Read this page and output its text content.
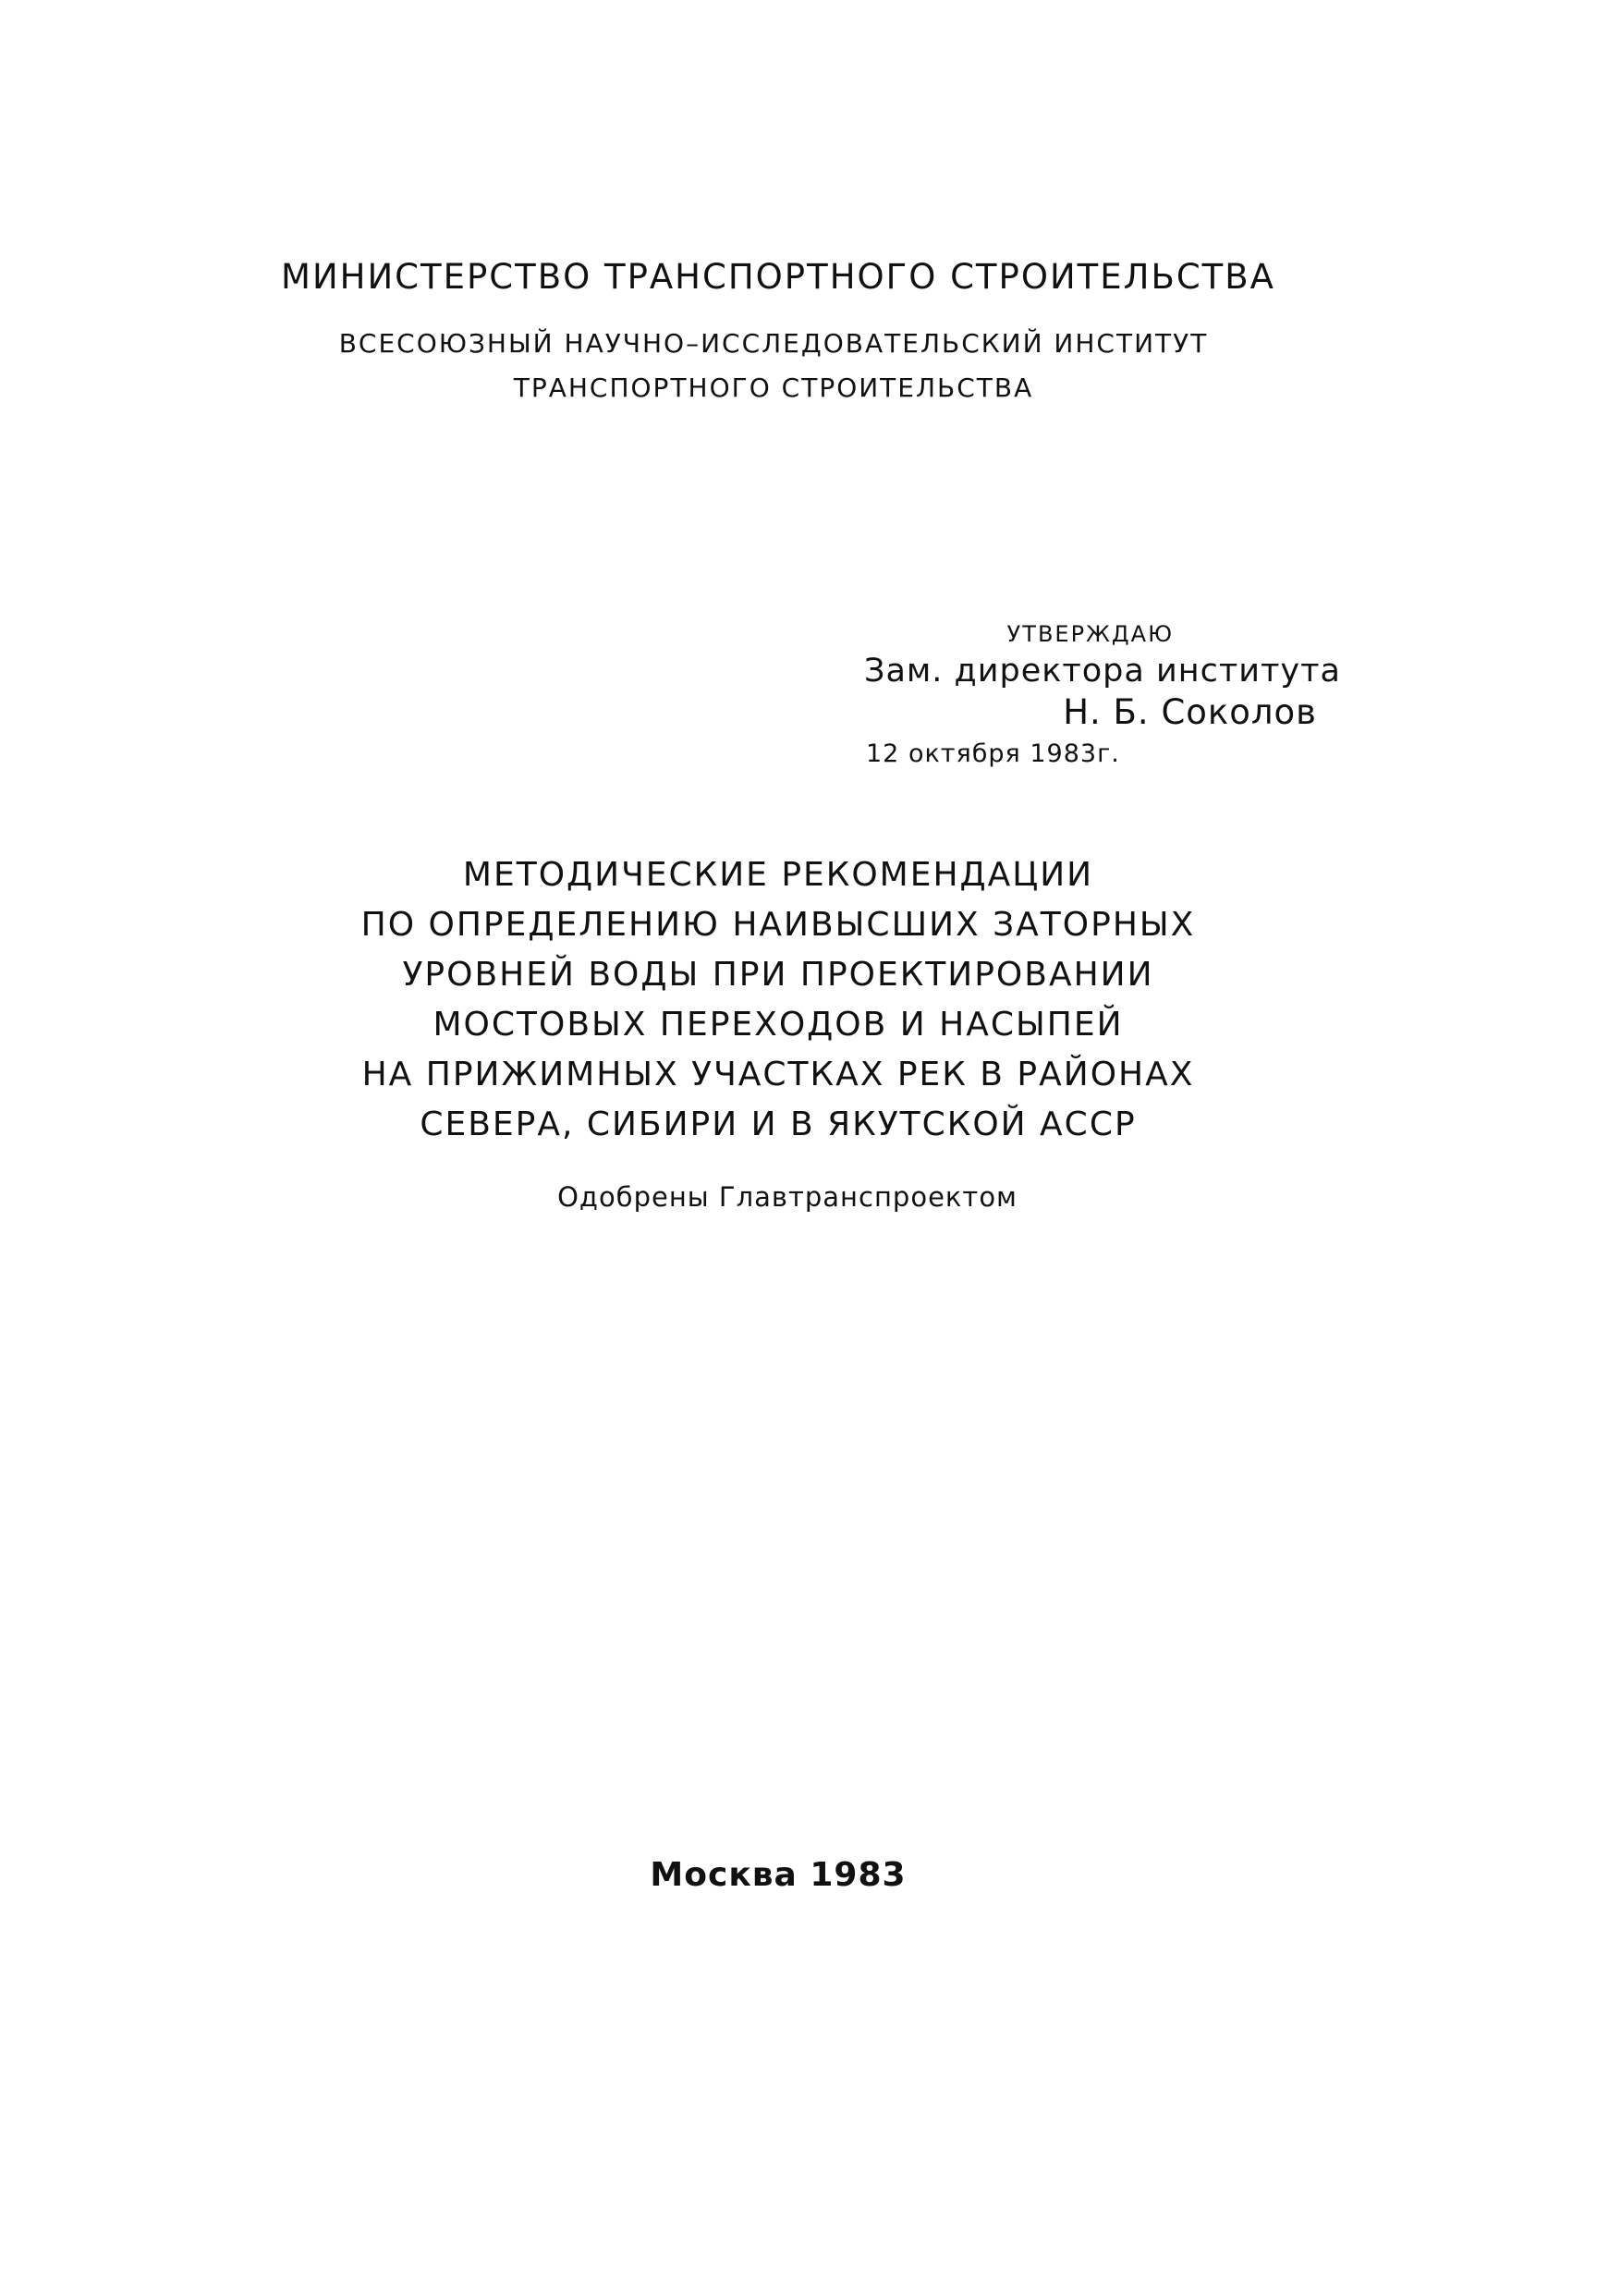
МИНИСТЕРСТВО ТРАНСПОРТНОГО СТРОИТЕЛЬСТВА
ВСЕСОЮЗНЫЙ НАУЧНО–ИССЛЕДОВАТЕЛЬСКИЙ ИНСТИТУТ
ТРАНСПОРТНОГО СТРОИТЕЛЬСТВА
УТВЕРЖДАЮ
Зам. директора института
Н. Б. Соколов
12 октября 1983г.
МЕТОДИЧЕСКИЕ РЕКОМЕНДАЦИИ
ПО ОПРЕДЕЛЕНИЮ НАИВЫСШИХ ЗАТОРНЫХ
УРОВНЕЙ ВОДЫ ПРИ ПРОЕКТИРОВАНИИ
МОСТОВЫХ ПЕРЕХОДОВ И НАСЫПЕЙ
НА ПРИЖИМНЫХ УЧАСТКАХ РЕК В РАЙОНАХ
СЕВЕРА, СИБИРИ И В ЯКУТСКОЙ АССР
Одобрены Главтранспроектом
Москва 1983
